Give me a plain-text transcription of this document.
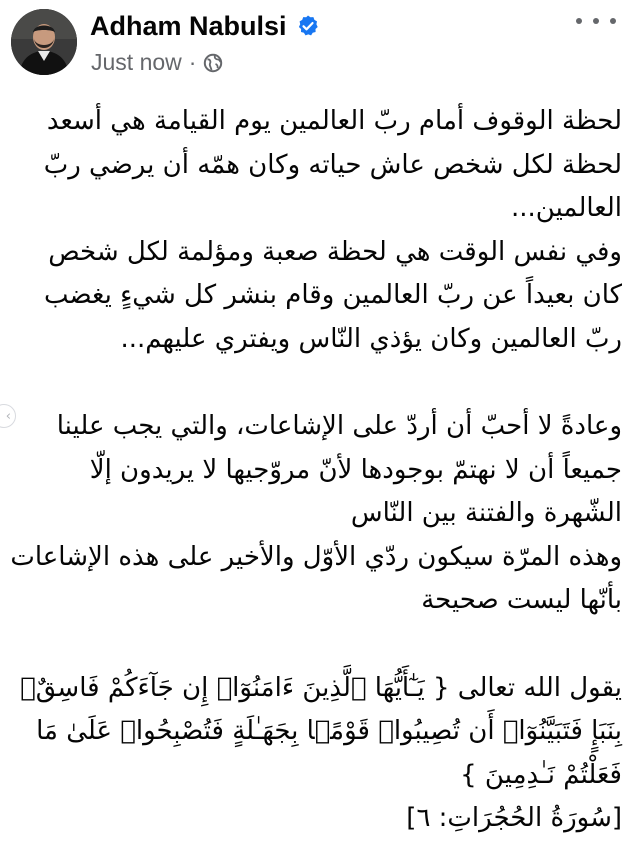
Adham Nabulsi
Just now ·
‹

لحظة الوقوف أمام ربّ العالمين يوم القيامة هي أسعد لحظة لكل شخص عاش حياته وكان همّه أن يرضي ربّ العالمين...

وفي نفس الوقت هي لحظة صعبة ومؤلمة لكل شخص كان بعيداً عن ربّ العالمين وقام بنشر كل شيءٍ يغضب ربّ العالمين وكان يؤذي النّاس ويفتري عليهم...

وعادةً لا أحبّ أن أردّ على الإشاعات، والتي يجب علينا جميعاً أن لا نهتمّ بوجودها لأنّ مروّجيها لا يريدون إلّا الشّهرة والفتنة بين النّاس

وهذه المرّة سيكون ردّي الأوّل والأخير على هذه الإشاعات بأنّها ليست صحيحة

يقول الله تعالى { يَـٰٓأَيُّهَا ٱلَّذِينَ ءَامَنُوٓا۟ إِن جَآءَكُمْ فَاسِقٌۢ بِنَبَإٍ فَتَبَيَّنُوٓا۟ أَن تُصِيبُوا۟ قَوْمًۢا بِجَهَـٰلَةٍ فَتُصْبِحُوا۟ عَلَىٰ مَا فَعَلْتُمْ نَـٰدِمِينَ }

[سُورَةُ الحُجُرَاتِ: ٦]
